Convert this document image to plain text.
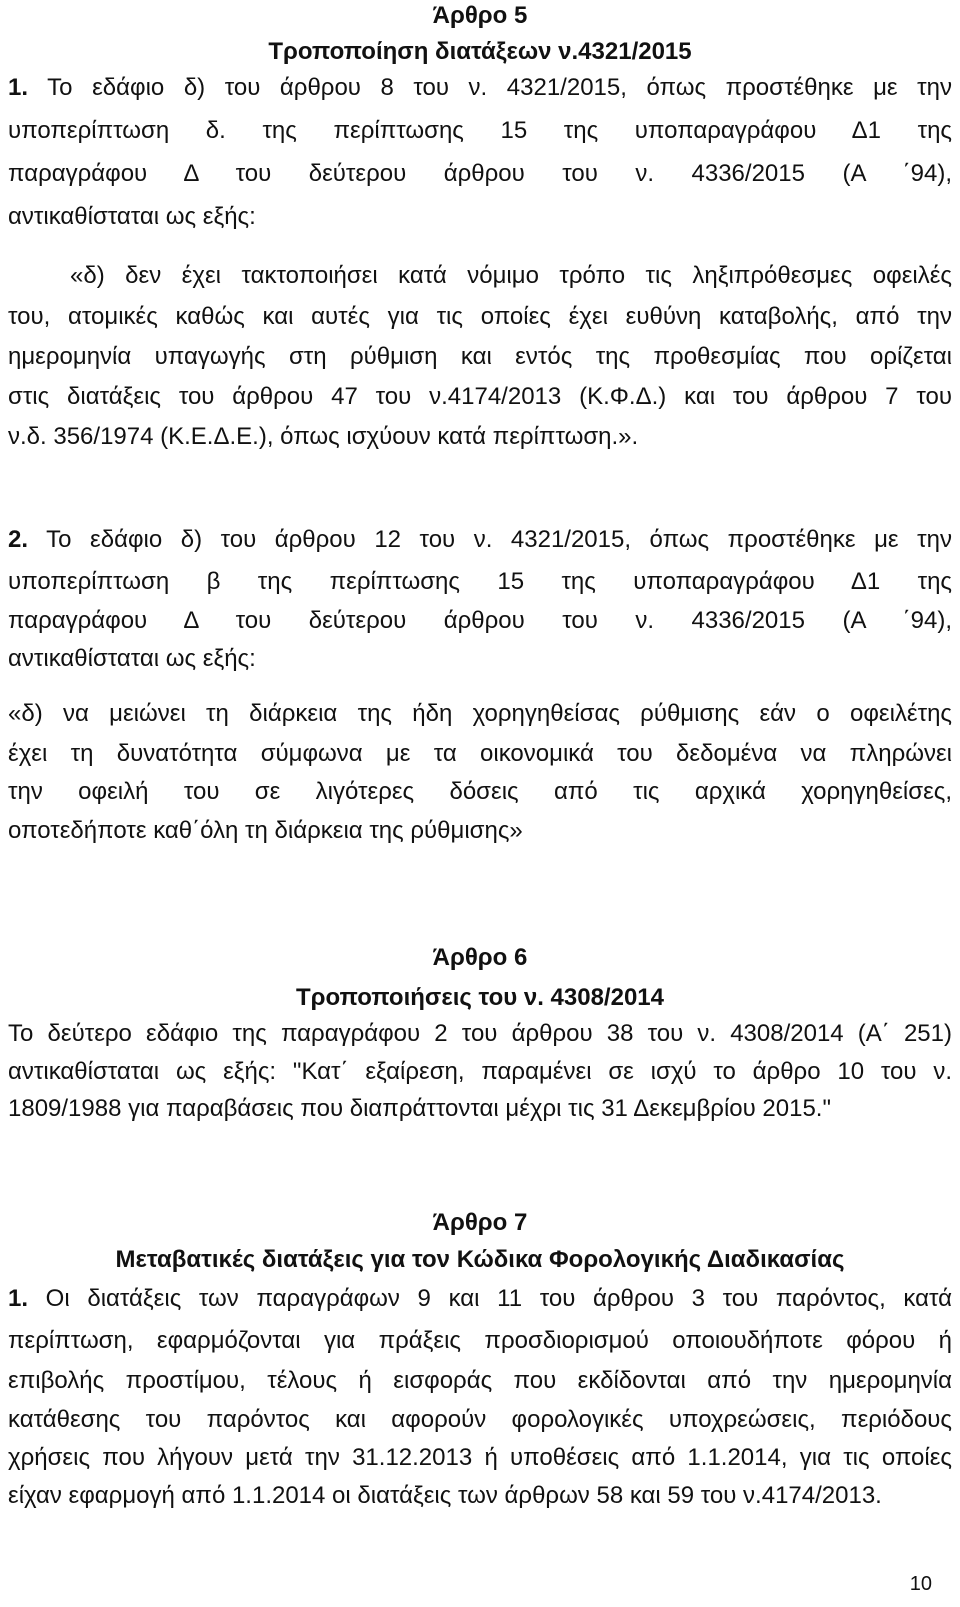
Άρθρο 5
Τροποποίηση διατάξεων ν.4321/2015
1. Το εδάφιο δ) του άρθρου 8 του ν. 4321/2015, όπως προστέθηκε με την
υποπερίπτωση δ. της περίπτωσης 15 της υποπαραγράφου Δ1 της
παραγράφου Δ του δεύτερου άρθρου του ν. 4336/2015 (Α ΄94),
αντικαθίσταται ως εξής:
«δ) δεν έχει τακτοποιήσει κατά νόμιμο τρόπο τις ληξιπρόθεσμες οφειλές
του, ατομικές καθώς και αυτές για τις οποίες έχει ευθύνη καταβολής, από την
ημερομηνία υπαγωγής στη ρύθμιση και εντός της προθεσμίας που ορίζεται
στις διατάξεις του άρθρου 47 του ν.4174/2013 (Κ.Φ.Δ.) και του άρθρου 7 του
ν.δ. 356/1974 (Κ.Ε.Δ.Ε.), όπως ισχύουν κατά περίπτωση.».
2. Το εδάφιο δ) του άρθρου 12 του ν. 4321/2015, όπως προστέθηκε με την
υποπερίπτωση β της περίπτωσης 15 της υποπαραγράφου Δ1 της
παραγράφου Δ του δεύτερου άρθρου του ν. 4336/2015 (Α ΄94),
αντικαθίσταται ως εξής:
«δ) να μειώνει τη διάρκεια της ήδη χορηγηθείσας ρύθμισης εάν ο οφειλέτης
έχει τη δυνατότητα σύμφωνα με τα οικονομικά του δεδομένα να πληρώνει
την οφειλή του σε λιγότερες δόσεις από τις αρχικά χορηγηθείσες,
οποτεδήποτε καθ΄όλη τη διάρκεια της ρύθμισης»
Άρθρο 6
Τροποποιήσεις του ν. 4308/2014
Το δεύτερο εδάφιο της παραγράφου 2 του άρθρου 38 του ν. 4308/2014 (Α΄ 251)
αντικαθίσταται ως εξής: "Κατ΄ εξαίρεση, παραμένει σε ισχύ το άρθρο 10 του ν.
1809/1988 για παραβάσεις που διαπράττονται μέχρι τις 31 Δεκεμβρίου 2015."
Άρθρο 7
Μεταβατικές διατάξεις για τον Κώδικα Φορολογικής Διαδικασίας
1. Οι διατάξεις των παραγράφων 9 και 11 του άρθρου 3 του παρόντος, κατά
περίπτωση, εφαρμόζονται για πράξεις προσδιορισμού οποιουδήποτε φόρου ή
επιβολής προστίμου, τέλους ή εισφοράς που εκδίδονται από την ημερομηνία
κατάθεσης του παρόντος και αφορούν φορολογικές υποχρεώσεις, περιόδους
χρήσεις που λήγουν μετά την 31.12.2013 ή υποθέσεις από 1.1.2014, για τις οποίες
είχαν εφαρμογή από 1.1.2014 οι διατάξεις των άρθρων 58 και 59 του ν.4174/2013.
10
